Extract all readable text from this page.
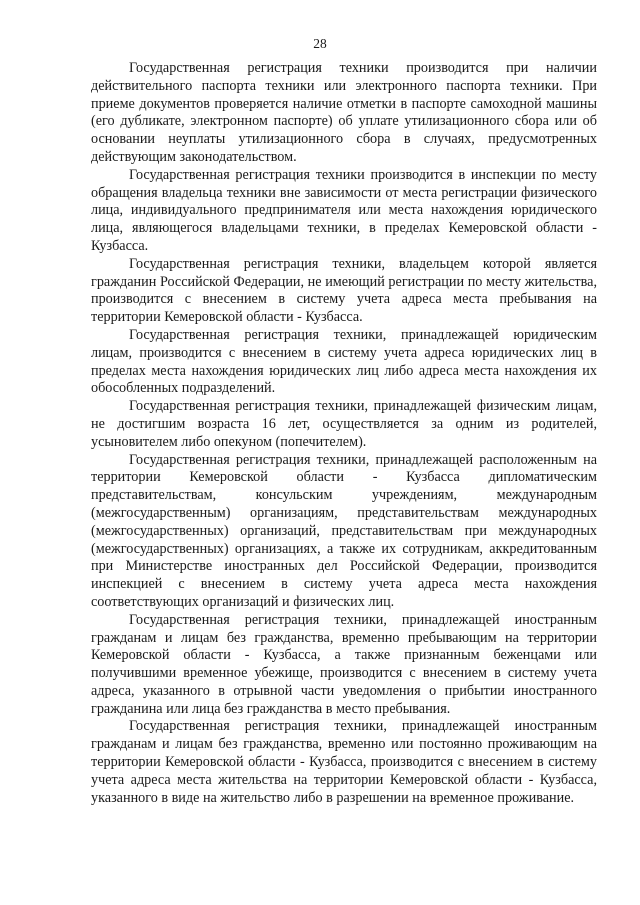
28

Государственная регистрация техники производится при наличии действительного паспорта техники или электронного паспорта техники. При приеме документов проверяется наличие отметки в паспорте самоходной машины (его дубликате, электронном паспорте) об уплате утилизационного сбора или об основании неуплаты утилизационного сбора в случаях, предусмотренных действующим законодательством.

Государственная регистрация техники производится в инспекции по месту обращения владельца техники вне зависимости от места регистрации физического лица, индивидуального предпринимателя или места нахождения юридического лица, являющегося владельцами техники, в пределах Кемеровской области - Кузбасса.

Государственная регистрация техники, владельцем которой является гражданин Российской Федерации, не имеющий регистрации по месту жительства, производится с внесением в систему учета адреса места пребывания на территории Кемеровской области - Кузбасса.

Государственная регистрация техники, принадлежащей юридическим лицам, производится с внесением в систему учета адреса юридических лиц в пределах места нахождения юридических лиц либо адреса места нахождения их обособленных подразделений.

Государственная регистрация техники, принадлежащей физическим лицам, не достигшим возраста 16 лет, осуществляется за одним из родителей, усыновителем либо опекуном (попечителем).

Государственная регистрация техники, принадлежащей расположенным на территории Кемеровской области - Кузбасса дипломатическим представительствам, консульским учреждениям, международным (межгосударственным) организациям, представительствам международных (межгосударственных) организаций, представительствам при международных (межгосударственных) организациях, а также их сотрудникам, аккредитованным при Министерстве иностранных дел Российской Федерации, производится инспекцией с внесением в систему учета адреса места нахождения соответствующих организаций и физических лиц.

Государственная регистрация техники, принадлежащей иностранным гражданам и лицам без гражданства, временно пребывающим на территории Кемеровской области - Кузбасса, а также признанным беженцами или получившими временное убежище, производится с внесением в систему учета адреса, указанного в отрывной части уведомления о прибытии иностранного гражданина или лица без гражданства в место пребывания.

Государственная регистрация техники, принадлежащей иностранным гражданам и лицам без гражданства, временно или постоянно проживающим на территории Кемеровской области - Кузбасса, производится с внесением в систему учета адреса места жительства на территории Кемеровской области - Кузбасса, указанного в виде на жительство либо в разрешении на временное проживание.
